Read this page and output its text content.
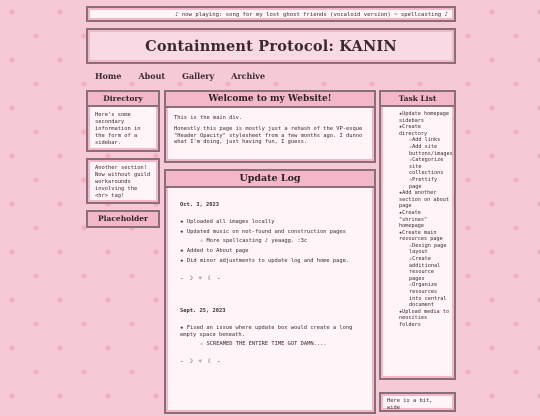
♪ now playing: song for my lost ghost friends (vocaloid version) ~ spellcasting ♪
Containment Protocol: KANIN
Home About Gallery Archive
Directory
Here's some secondary information in the form of a sidebar.
Another section! Now without guild workarounds involving the <hr> tag!
Placeholder
Welcome to my Website!

This is the main div.

Honestly this page is mostly just a rehash of the VP-esque "Header Opacity" stylesheet from a few months ago. I dunno what I'm doing, just having fun, I guess.

Update Log
Oct. 3, 2023
★ Uploaded all images locally
★ Updated music on not-found and construction pages
☆ More spellcasting ♪ yeaagg. :3c
★ Added to About page
★ Did minor adjustments to update log and home page.
- ☽ ☼ ☾ -
Sept. 25, 2023
★ Fixed an issue where update box would create a long empty space beneath.
☆ SCREAMED THE ENTIRE TIME GOT DAMN....
- ☽ ☼ ☾ -
Task List
★Update homepage sidebars
★Create directory
☆Add links
☆Add site buttons/images
☆Categorize site collections
☆Prettify page
★Add another section on about page
★Create "shrines" homepage
★Create main resources page
☆Design page layout
☆Create additional resource pages
☆Organize resources into central document
★Upload media to neocities folders
Here is a bit, wide
